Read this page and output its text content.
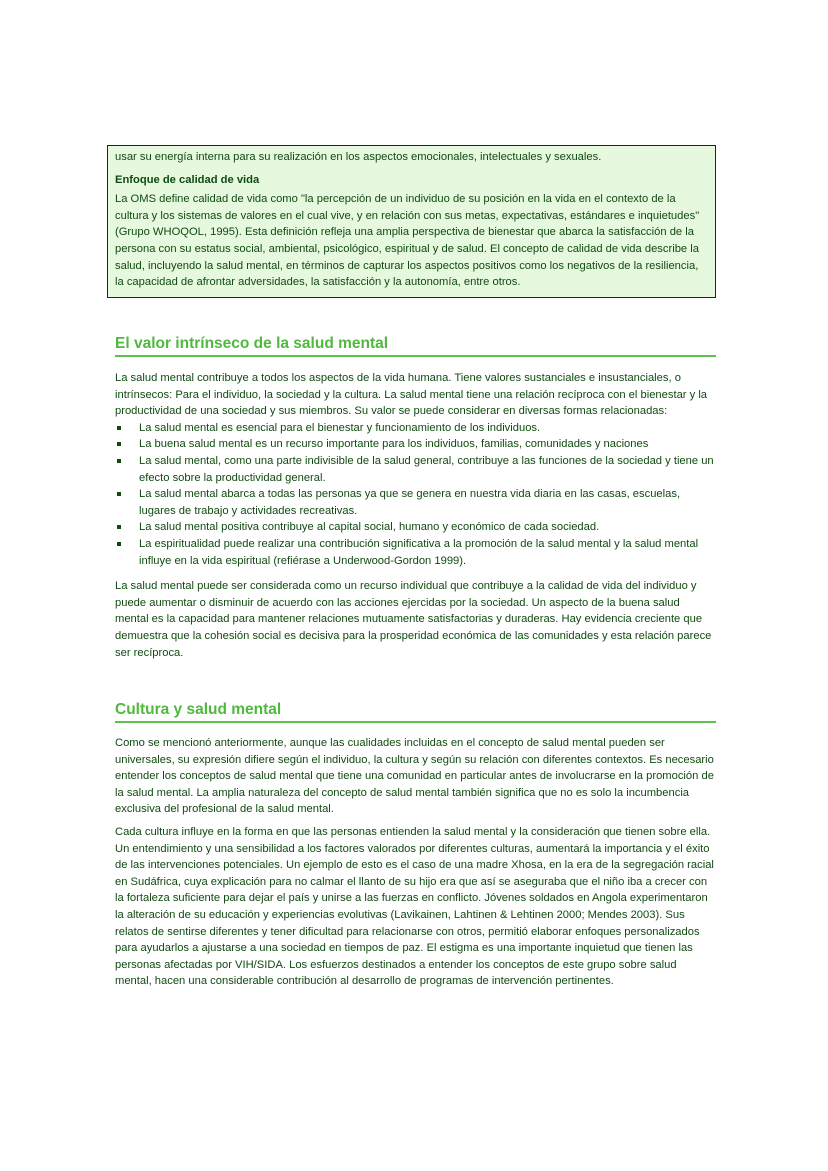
usar su energía interna para su realización en los aspectos emocionales, intelectuales y sexuales.

Enfoque de calidad de vida

La OMS define calidad de vida como "la percepción de un individuo de su posición en la vida en el contexto de la cultura y los sistemas de valores en el cual vive, y en relación con sus metas, expectativas, estándares e inquietudes" (Grupo WHOQOL, 1995). Esta definición refleja una amplia perspectiva de bienestar que abarca la satisfacción de la persona con su estatus social, ambiental, psicológico, espiritual y de salud. El concepto de calidad de vida describe la salud, incluyendo la salud mental, en términos de capturar los aspectos positivos como los negativos de la resiliencia, la capacidad de afrontar adversidades, la satisfacción y la autonomía, entre otros.

El valor intrínseco de la salud mental

La salud mental contribuye a todos los aspectos de la vida humana. Tiene valores sustanciales e insustanciales, o intrínsecos: Para el individuo, la sociedad y la cultura. La salud mental tiene una relación recíproca con el bienestar y la productividad de una sociedad y sus miembros. Su valor se puede considerar en diversas formas relacionadas:

La salud mental es esencial para el bienestar y funcionamiento de los individuos.
La buena salud mental es un recurso importante para los individuos, familias, comunidades y naciones
La salud mental, como una parte indivisible de la salud general, contribuye a las funciones de la sociedad y tiene un efecto sobre la productividad general.
La salud mental abarca a todas las personas ya que se genera en nuestra vida diaria en las casas, escuelas, lugares de trabajo y actividades recreativas.
La salud mental positiva contribuye al capital social, humano y económico de cada sociedad.
La espiritualidad puede realizar una contribución significativa a la promoción de la salud mental y la salud mental influye en la vida espiritual (refiérase a Underwood-Gordon 1999).

La salud mental puede ser considerada como un recurso individual que contribuye a la calidad de vida del individuo y puede aumentar o disminuir de acuerdo con las acciones ejercidas por la sociedad. Un aspecto de la buena salud mental es la capacidad para mantener relaciones mutuamente satisfactorias y duraderas. Hay evidencia creciente que demuestra que la cohesión social es decisiva para la prosperidad económica de las comunidades y esta relación parece ser recíproca.

Cultura y salud mental

Como se mencionó anteriormente, aunque las cualidades incluidas en el concepto de salud mental pueden ser universales, su expresión difiere según el individuo, la cultura y según su relación con diferentes contextos. Es necesario entender los conceptos de salud mental que tiene una comunidad en particular antes de involucrarse en la promoción de la salud mental. La amplia naturaleza del concepto de salud mental también significa que no es solo la incumbencia exclusiva del profesional de la salud mental.

Cada cultura influye en la forma en que las personas entienden la salud mental y la consideración que tienen sobre ella. Un entendimiento y una sensibilidad a los factores valorados por diferentes culturas, aumentará la importancia y el éxito de las intervenciones potenciales. Un ejemplo de esto es el caso de una madre Xhosa, en la era de la segregación racial en Sudáfrica, cuya explicación para no calmar el llanto de su hijo era que así se aseguraba que el niño iba a crecer con la fortaleza suficiente para dejar el país y unirse a las fuerzas en conflicto. Jóvenes soldados en Angola experimentaron la alteración de su educación y experiencias evolutivas (Lavikainen, Lahtinen & Lehtinen 2000; Mendes 2003). Sus relatos de sentirse diferentes y tener dificultad para relacionarse con otros, permitió elaborar enfoques personalizados para ayudarlos a ajustarse a una sociedad en tiempos de paz. El estigma es una importante inquietud que tienen las personas afectadas por VIH/SIDA. Los esfuerzos destinados a entender los conceptos de este grupo sobre salud mental, hacen una considerable contribución al desarrollo de programas de intervención pertinentes.
